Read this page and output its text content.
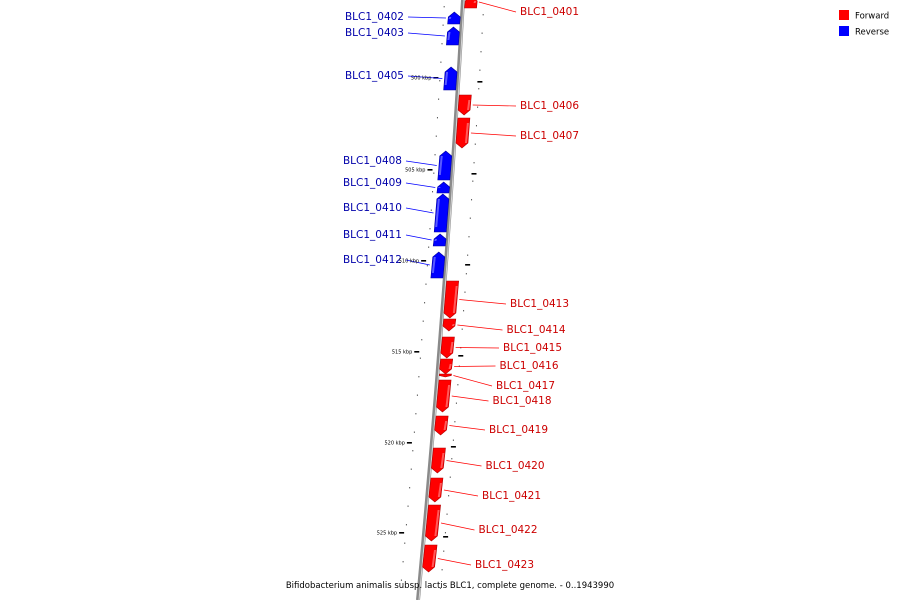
BLC1_0401
BLC1_0402
BLC1_0403
BLC1_0405
BLC1_0406
BLC1_0407
BLC1_0408
BLC1_0409
BLC1_0410
BLC1_0411
BLC1_0412
BLC1_0413
BLC1_0414
BLC1_0415
BLC1_0416
BLC1_0417
BLC1_0418
BLC1_0419
BLC1_0420
BLC1_0421
BLC1_0422
BLC1_0423
500 kbp
505 kbp
510 kbp
515 kbp
520 kbp
525 kbp
Forward
Reverse
Bifidobacterium animalis subsp. lactis BLC1, complete genome. - 0..1943990
